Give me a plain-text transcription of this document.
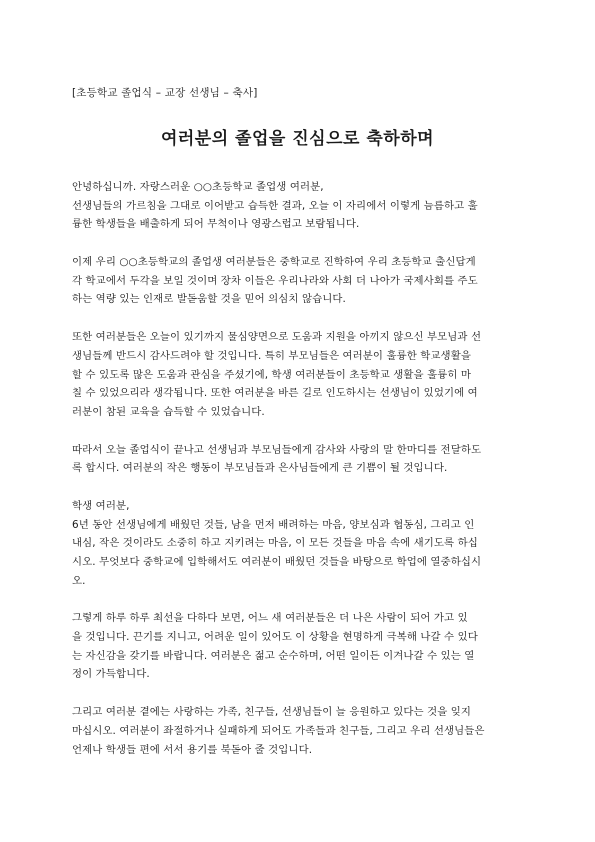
[초등학교 졸업식 – 교장 선생님 – 축사]
여러분의 졸업을 진심으로 축하하며
안녕하십니까. 자랑스러운 ○○초등학교 졸업생 여러분,
선생님들의 가르침을 그대로 이어받고 습득한 결과, 오늘 이 자리에서 이렇게 늠름하고 훌
륭한 학생들을 배출하게 되어 무척이나 영광스럽고 보람됩니다.
이제 우리 ○○초등학교의 졸업생 여러분들은 중학교로 진학하여 우리 초등학교 출신답게
각 학교에서 두각을 보일 것이며 장차 이들은 우리나라와 사회 더 나아가 국제사회를 주도
하는 역량 있는 인재로 발돋움할 것을 믿어 의심치 않습니다.
또한 여러분들은 오늘이 있기까지 물심양면으로 도움과 지원을 아끼지 않으신 부모님과 선
생님들께 반드시 감사드려야 할 것입니다. 특히 부모님들은 여러분이 훌륭한 학교생활을
할 수 있도록 많은 도움과 관심을 주셨기에, 학생 여러분들이 초등학교 생활을 훌륭히 마
칠 수 있었으리라 생각됩니다. 또한 여러분을 바른 길로 인도하시는 선생님이 있었기에 여
러분이 참된 교육을 습득할 수 있었습니다.
따라서 오늘 졸업식이 끝나고 선생님과 부모님들에게 감사와 사랑의 말 한마디를 전달하도
록 합시다. 여러분의 작은 행동이 부모님들과 은사님들에게 큰 기쁨이 될 것입니다.
학생 여러분,
6년 동안 선생님에게 배웠던 것들, 남을 먼저 배려하는 마음, 양보심과 협동심, 그리고 인
내심, 작은 것이라도 소중히 하고 지키려는 마음, 이 모든 것들을 마음 속에 새기도록 하십
시오. 무엇보다 중학교에 입학해서도 여러분이 배웠던 것들을 바탕으로 학업에 열중하십시
오.
그렇게 하루 하루 최선을 다하다 보면, 어느 새 여러분들은 더 나은 사람이 되어 가고 있
을 것입니다. 끈기를 지니고, 어려운 일이 있어도 이 상황을 현명하게 극복해 나갈 수 있다
는 자신감을 갖기를 바랍니다. 여러분은 젊고 순수하며, 어떤 일이든 이겨나갈 수 있는 열
정이 가득합니다.
그리고 여러분 곁에는 사랑하는 가족, 친구들, 선생님들이 늘 응원하고 있다는 것을 잊지
마십시오. 여러분이 좌절하거나 실패하게 되어도 가족들과 친구들, 그리고 우리 선생님들은
언제나 학생들 편에 서서 용기를 북돋아 줄 것입니다.
